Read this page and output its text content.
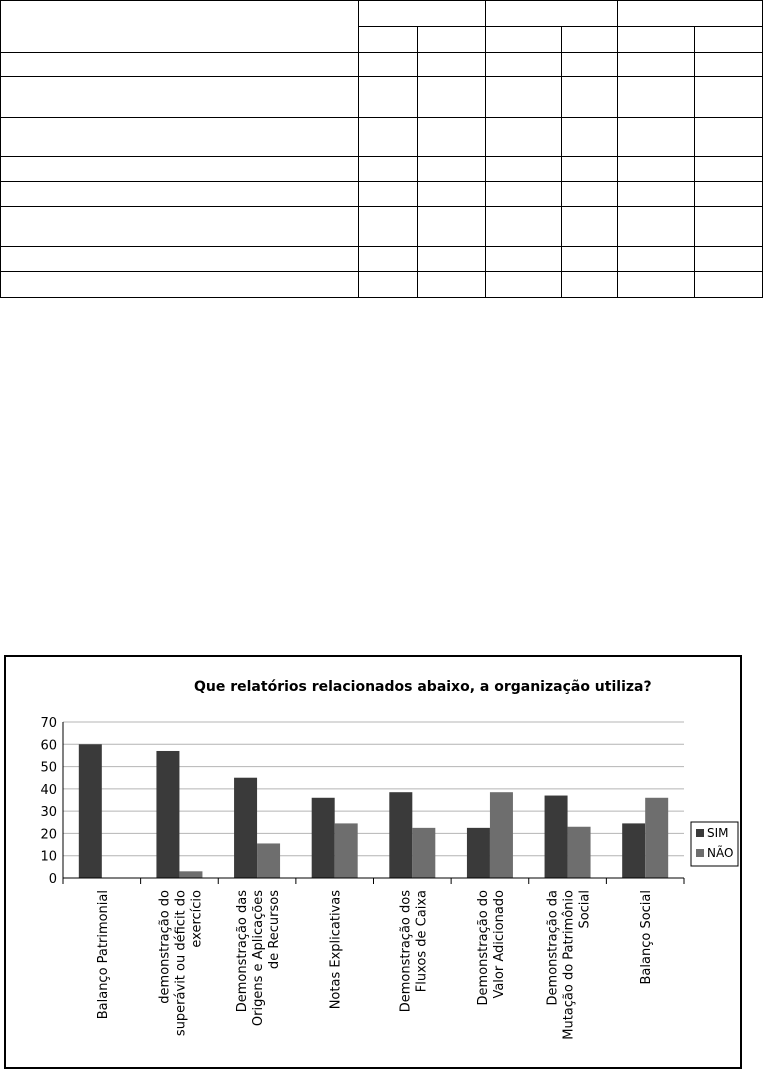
Que relatórios relacionados abaixo, a organização utiliza?
0
10
20
30
40
50
60
70
Balanço Patrimonial	demonstração do superávit ou déficit do exercício Demonstração das Origens e Aplicações de Recursos	Notas Explicativas	Demonstração dos Fluxos de Caixa	Demonstração do Valor Adicionado	Demonstração da Mutação do Patrimônio Social	Balanço Social
SIM
NÃO
